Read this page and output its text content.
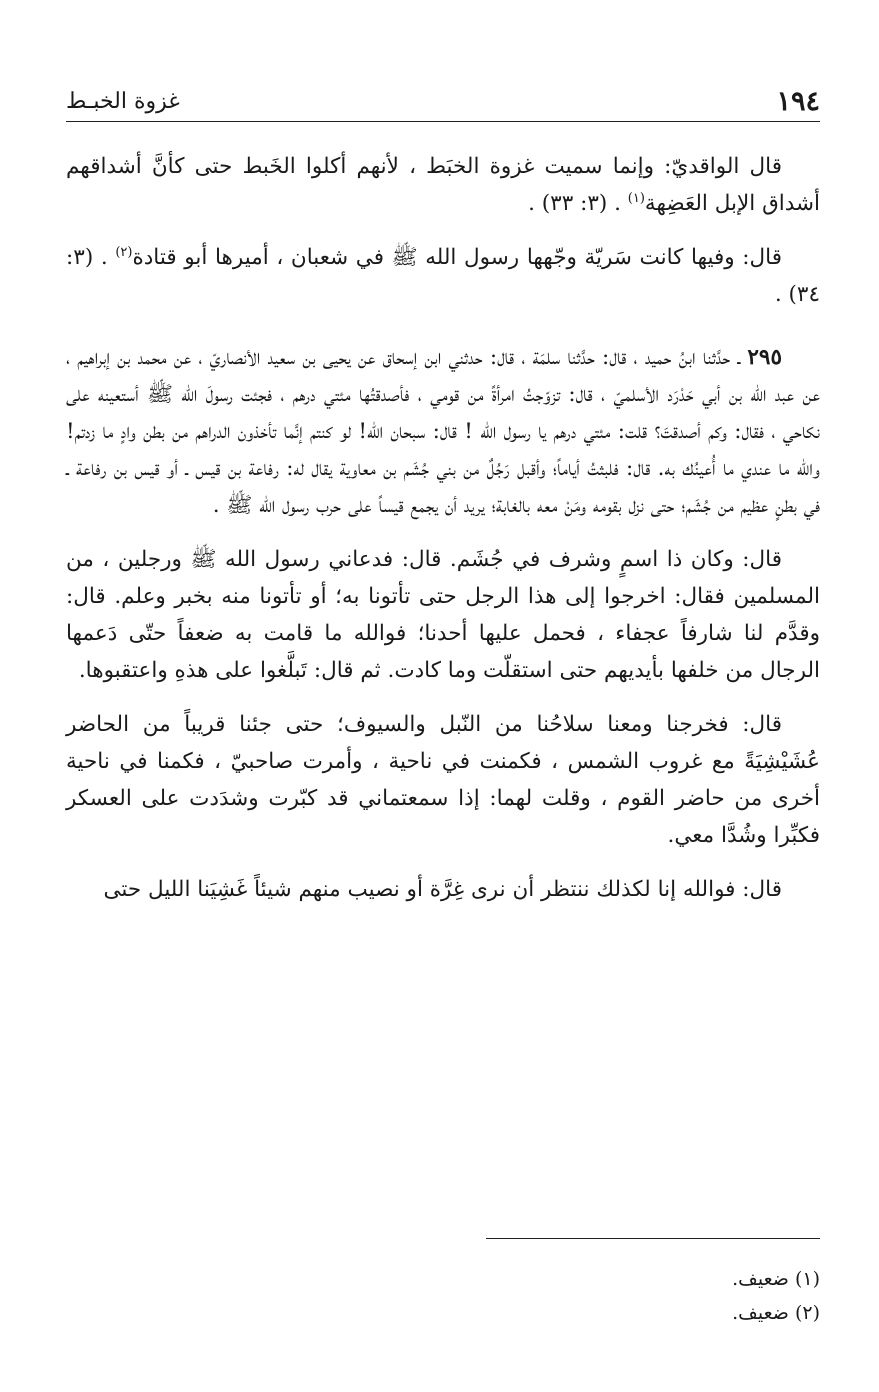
١٩٤
غزوة الخبـط

قال الواقديّ: وإنما سميت غزوة الخبَط ، لأنهم أكلوا الخَبط حتى كأنَّ أشداقهم أشداق الإبل العَضِهة$^{(١)}$ . (٣: ٣٣) .

قال: وفيها كانت سَريّة وجّهها رسول الله ﷺ في شعبان ، أميرها أبو قتادة$^{(٢)}$ . (٣: ٣٤) .

٢٩٥ ـ حدَّثنا ابنُ حميد ، قال: حدَّثنا سلمَة ، قال: حدثني ابن إسحاق عن يحيى بن سعيد الأنصاريّ ، عن محمد بن إبراهيم ، عن عبد الله بن أبي حَدْرَد الأسلميّ ، قال: تزوّجتُ امرأةً من قومي ، فأصدقتُها مئتي درهم ، فجئت رسولَ الله ﷺ أستعينه على نكاحي ، فقال: وكم أصدقتَ؟ قلت: مئتي درهم يا رسول الله ! قال: سبحان الله! لو كنتم إنَّما تأخذون الدراهم من بطن وادٍ ما زدتم! والله ما عندي ما أُعينُك به. قال: فلبثتُ أياماً؛ وأقبل رَجُلٌ من بني جُشَم بن معاوية يقال له: رفاعة بن قيس ـ أو قيس بن رفاعة ـ في بطنٍ عظيم من جُشَم؛ حتى نزل بقومه ومَنْ معه بالغابة؛ يريد أن يجمع قيساً على حرب رسول الله ﷺ .

قال: وكان ذا اسمٍ وشرف في جُشَم. قال: فدعاني رسول الله ﷺ ورجلين ، من المسلمين فقال: اخرجوا إلى هذا الرجل حتى تأتونا به؛ أو تأتونا منه بخبر وعلم. قال: وقدَّم لنا شارفاً عجفاء ، فحمل عليها أحدنا؛ فوالله ما قامت به ضعفاً حتّى دَعمها الرجال من خلفها بأيديهم حتى استقلّت وما كادت. ثم قال: تَبلَّغوا على هذهِ واعتقبوها.

قال: فخرجنا ومعنا سلاحُنا من النّبل والسيوف؛ حتى جئنا قريباً من الحاضر عُشَيْشِيَةً مع غروب الشمس ، فكمنت في ناحية ، وأمرت صاحبيّ ، فكمنا في ناحية أخرى من حاضر القوم ، وقلت لهما: إذا سمعتماني قد كبّرت وشدَدت على العسكر فكبِّرا وشُدَّا معي.

قال: فوالله إنا لكذلك ننتظر أن نرى غِرَّة أو نصيب منهم شيئاً غَشِيَنا الليل حتى

(١) ضعيف.

(٢) ضعيف.
